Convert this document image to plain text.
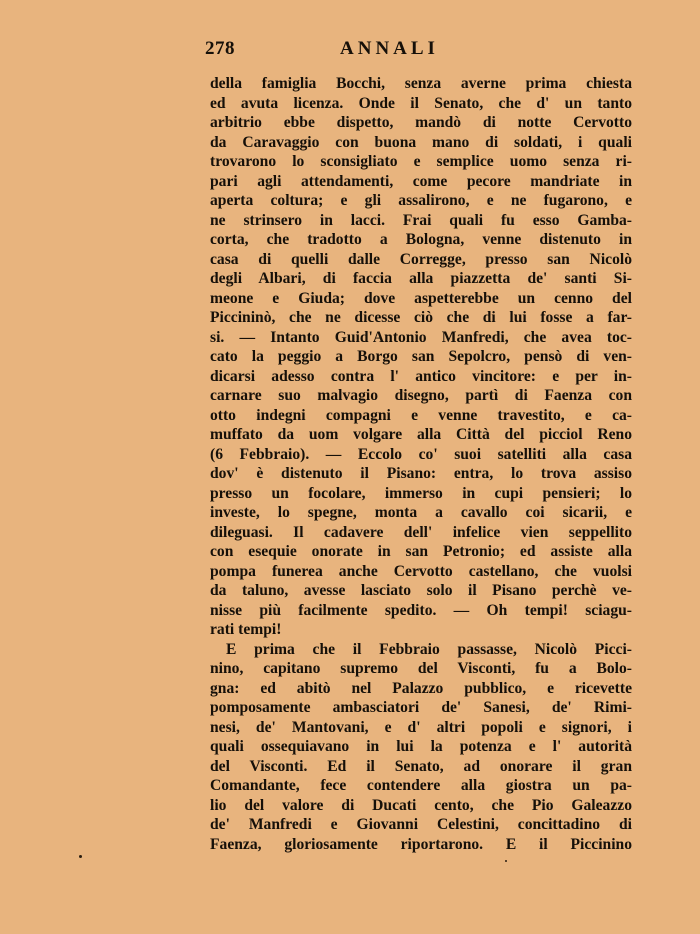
278	ANNALI
della famiglia Bocchi, senza averne prima chiesta
ed avuta licenza. Onde il Senato, che d' un tanto
arbitrio ebbe dispetto, mandò di notte Cervotto
da Caravaggio con buona mano di soldati, i quali
trovarono lo sconsigliato e semplice uomo senza ri-
pari agli attendamenti, come pecore mandriate in
aperta coltura; e gli assalirono, e ne fugarono, e
ne strinsero in lacci. Frai quali fu esso Gamba-
corta, che tradotto a Bologna, venne distenuto in
casa di quelli dalle Corregge, presso san Nicolò
degli Albari, di faccia alla piazzetta de' santi Si-
meone e Giuda; dove aspetterebbe un cenno del
Piccininò, che ne dicesse ciò che di lui fosse a far-
si. — Intanto Guid'Antonio Manfredi, che avea toc-
cato la peggio a Borgo san Sepolcro, pensò di ven-
dicarsi adesso contra l' antico vincitore: e per in-
carnare suo malvagio disegno, partì di Faenza con
otto indegni compagni e venne travestito, e ca-
muffato da uom volgare alla Città del picciol Reno
(6 Febbraio). — Eccolo co' suoi satelliti alla casa
dov' è distenuto il Pisano: entra, lo trova assiso
presso un focolare, immerso in cupi pensieri; lo
investe, lo spegne, monta a cavallo coi sicarii, e
dileguasi. Il cadavere dell' infelice vien seppellito
con esequie onorate in san Petronio; ed assiste alla
pompa funerea anche Cervotto castellano, che vuolsi
da taluno, avesse lasciato solo il Pisano perchè ve-
nisse più facilmente spedito. — Oh tempi! sciagu-
rati tempi!
E prima che il Febbraio passasse, Nicolò Picci-
nino, capitano supremo del Visconti, fu a Bolo-
gna: ed abitò nel Palazzo pubblico, e ricevette
pomposamente ambasciatori de' Sanesi, de' Rimi-
nesi, de' Mantovani, e d' altri popoli e signori, i
quali ossequiavano in lui la potenza e l' autorità
del Visconti. Ed il Senato, ad onorare il gran
Comandante, fece contendere alla giostra un pa-
lio del valore di Ducati cento, che Pio Galeazzo
de' Manfredi e Giovanni Celestini, concittadino di
Faenza, gloriosamente riportarono. E il Piccinino
